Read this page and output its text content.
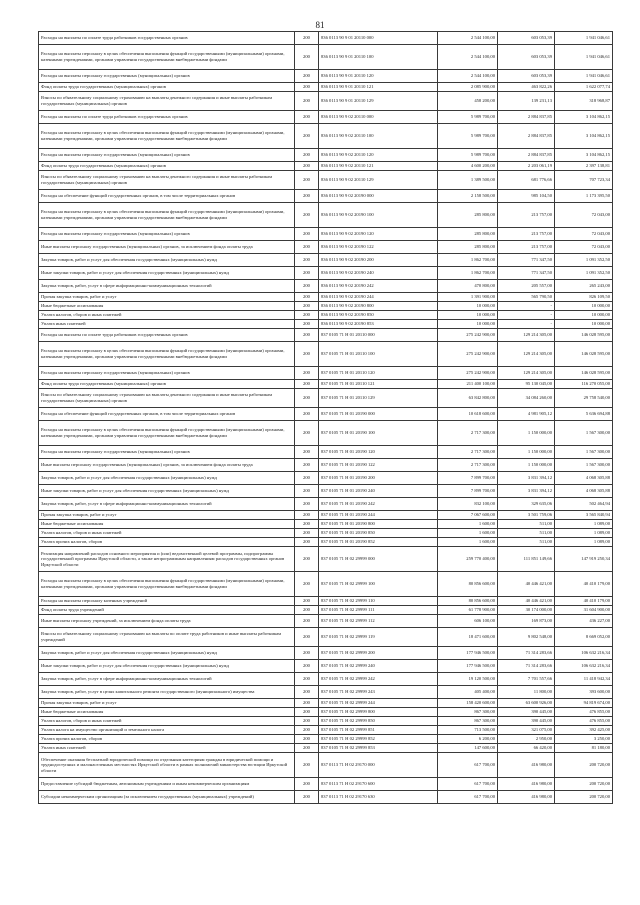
81
Расходы на выплаты по оплате труда работников государственных органов	200	836 0113 90 9 01 20110 000	2 544 100,00	603 053,39	1 941 046,61
Расходы на выплаты персоналу в целях обеспечения выполнения функций государственными (муниципальными) органами, казенными учреждениями, органами управления государственными внебюджетными фондами	200	836 0113 90 9 01 20110 100	2 544 100,00	603 053,39	1 941 046,61
Расходы на выплаты персоналу государственных (муниципальных) органов	200	836 0113 90 9 01 20110 120	2 544 100,00	603 053,39	1 941 046,61
Фонд оплаты труда государственных (муниципальных) органов	200	836 0113 90 9 01 20110 121	2 085 900,00	463 822,26	1 622 077,74
Взносы по обязательному социальному страхованию на выплаты денежного содержания и иные выплаты работникам государственных (муниципальных) органов	200	836 0113 90 9 01 20110 129	458 200,00	139 231,13	318 968,87
Расходы на выплаты по оплате труда работников государственных органов	200	836 0113 90 9 02 20110 000	5 989 700,00	2 884 837,85	3 104 862,15
Расходы на выплаты персоналу в целях обеспечения выполнения функций государственными (муниципальными) органами, казенными учреждениями, органами управления государственными внебюджетными фондами	200	836 0113 90 9 02 20110 100	5 989 700,00	2 884 837,85	3 104 862,15
Расходы на выплаты персоналу государственных (муниципальных) органов	200	836 0113 90 9 02 20110 120	5 989 700,00	2 884 837,85	3 104 862,15
Фонд оплаты труда государственных (муниципальных) органов	200	836 0113 90 9 02 20110 121	4 600 200,00	2 203 061,19	2 397 138,81
Взносы по обязательному социальному страхованию на выплаты денежного содержания и иные выплаты работникам государственных (муниципальных) органов	200	836 0113 90 9 02 20110 129	1 389 500,00	681 776,66	707 723,34
Расходы на обеспечение функций государственных органов, в том числе территориальных органов	200	836 0113 90 9 02 20190 000	2 158 500,00	985 104,50	1 173 395,50
Расходы на выплаты персоналу в целях обеспечения выполнения функций государственными (муниципальными) органами, казенными учреждениями, органами управления государственными внебюджетными фондами	200	836 0113 90 9 02 20190 100	285 800,00	213 757,00	72 043,00
Расходы на выплаты персоналу государственных (муниципальных) органов	200	836 0113 90 9 02 20190 120	285 800,00	213 757,00	72 043,00
Иные выплаты персоналу государственных (муниципальных) органов, за исключением фонда оплаты труда	200	836 0113 90 9 02 20190 122	285 800,00	213 757,00	72 043,00
Закупка товаров, работ и услуг для обеспечения государственных (муниципальных) нужд	200	836 0113 90 9 02 20190 200	1 862 700,00	771 347,50	1 091 352,50
Иные закупки товаров, работ и услуг для обеспечения государственных (муниципальных) нужд	200	836 0113 90 9 02 20190 240	1 862 700,00	771 347,50	1 091 352,50
Закупка товаров, работ, услуг в сфере информационно-коммуникационных технологий	200	836 0113 90 9 02 20190 242	470 800,00	205 557,00	265 243,00
Прочая закупка товаров, работ и услуг	200	836 0113 90 9 02 20190 244	1 391 900,00	565 790,50	826 109,50
Иные бюджетные ассигнования	200	836 0113 90 9 02 20190 800	10 000,00	-	10 000,00
Уплата налогов, сборов и иных платежей	200	836 0113 90 9 02 20190 850	10 000,00	-	10 000,00
Уплата иных платежей	200	836 0113 90 9 02 20190 853	10 000,00	-	10 000,00
Расходы на выплаты по оплате труда работников государственных органов	200	837 0105 71 Н 01 20110 000	275 242 900,00	129 214 305,00	146 028 595,00
Расходы на выплаты персоналу в целях обеспечения выполнения функций государственными (муниципальными) органами, казенными учреждениями, органами управления государственными внебюджетными фондами	200	837 0105 71 Н 01 20110 100	275 242 900,00	129 214 305,00	146 028 595,00
Расходы на выплаты персоналу государственных (муниципальных) органов	200	837 0105 71 Н 01 20110 120	275 242 900,00	129 214 305,00	146 028 595,00
Фонд оплаты труда государственных (муниципальных) органов	200	837 0105 71 Н 01 20110 121	211 400 100,00	95 130 045,00	116 270 055,00
Взносы по обязательному социальному страхованию на выплаты денежного содержания и иные выплаты работникам государственных (муниципальных) органов	200	837 0105 71 Н 01 20110 129	63 842 800,00	34 084 260,00	29 758 540,00
Расходы на обеспечение функций государственных органов, в том числе территориальных органов	200	837 0105 71 Н 01 20190 000	10 618 600,00	4 981 905,12	5 636 694,88
Расходы на выплаты персоналу в целях обеспечения выполнения функций государственными (муниципальными) органами, казенными учреждениями, органами управления государственными внебюджетными фондами	200	837 0105 71 Н 01 20190 100	2 717 300,00	1 150 000,00	1 567 300,00
Расходы на выплаты персоналу государственных (муниципальных) органов	200	837 0105 71 Н 01 20190 120	2 717 300,00	1 150 000,00	1 567 300,00
Иные выплаты персоналу государственных (муниципальных) органов, за исключением фонда оплаты труда	200	837 0105 71 Н 01 20190 122	2 717 300,00	1 150 000,00	1 567 300,00
Закупка товаров, работ и услуг для обеспечения государственных (муниципальных) нужд	200	837 0105 71 Н 01 20190 200	7 899 700,00	3 831 394,12	4 068 305,88
Иные закупки товаров, работ и услуг для обеспечения государственных (муниципальных) нужд	200	837 0105 71 Н 01 20190 240	7 899 700,00	3 831 394,12	4 068 305,88
Закупка товаров, работ, услуг в сфере информационно-коммуникационных технологий	200	837 0105 71 Н 01 20190 242	832 100,00	329 635,06	502 464,94
Прочая закупка товаров, работ и услуг	200	837 0105 71 Н 01 20190 244	7 067 600,00	3 501 759,06	3 565 840,94
Иные бюджетные ассигнования	200	837 0105 71 Н 01 20190 800	1 600,00	511,00	1 089,00
Уплата налогов, сборов и иных платежей	200	837 0105 71 Н 01 20190 850	1 600,00	511,00	1 089,00
Уплата прочих налогов, сборов	200	837 0105 71 Н 01 20190 852	1 600,00	511,00	1 089,00
Реализация направлений расходов основного мероприятия и (или) ведомственной целевой программы, подпрограммы государственной программы Иркутской области, а также непрограммным направлениям расходов государственных органов Иркутской области	200	837 0105 71 Н 02 29999 000	259 770 400,00	111 851 149,66	147 919 250,34
Расходы на выплаты персоналу в целях обеспечения выполнения функций государственными (муниципальными) органами, казенными учреждениями, органами управления государственными внебюджетными фондами	200	837 0105 71 Н 02 29999 100	80 856 600,00	40 446 421,00	40 410 179,00
Расходы на выплаты персоналу казенных учреждений	200	837 0105 71 Н 02 29999 110	80 856 600,00	40 446 421,00	40 410 179,00
Фонд оплаты труда учреждений	200	837 0105 71 Н 02 29999 111	61 778 900,00	30 174 000,00	31 604 900,00
Иные выплаты персоналу учреждений, за исключением фонда оплаты труда	200	837 0105 71 Н 02 29999 112	606 100,00	169 873,00	436 227,00
Взносы по обязательному социальному страхованию на выплаты по оплате труда работников и иные выплаты работникам учреждений	200	837 0105 71 Н 02 29999 119	18 471 600,00	9 802 548,00	8 669 052,00
Закупка товаров, работ и услуг для обеспечения государственных (муниципальных) нужд	200	837 0105 71 Н 02 29999 200	177 946 500,00	71 314 283,66	106 632 216,34
Иные закупки товаров, работ и услуг для обеспечения государственных (муниципальных) нужд	200	837 0105 71 Н 02 29999 240	177 946 500,00	71 314 283,66	106 632 216,34
Закупка товаров, работ, услуг в сфере информационно-коммуникационных технологий	200	837 0105 71 Н 02 29999 242	19 120 500,00	7 701 557,66	11 418 942,34
Закупка товаров, работ, услуг в целях капитального ремонта государственного (муниципального) имущества	200	837 0105 71 Н 02 29999 243	405 400,00	11 800,00	393 600,00
Прочая закупка товаров, работ и услуг	200	837 0105 71 Н 02 29999 244	158 420 600,00	63 600 926,00	94 819 674,00
Иные бюджетные ассигнования	200	837 0105 71 Н 02 29999 800	867 300,00	390 445,00	476 855,00
Уплата налогов, сборов и иных платежей	200	837 0105 71 Н 02 29999 850	867 300,00	390 445,00	476 855,00
Уплата налога на имущество организаций и земельного налога	200	837 0105 71 Н 02 29999 851	713 500,00	321 075,00	392 425,00
Уплата прочих налогов, сборов	200	837 0105 71 Н 02 29999 852	6 200,00	2 950,00	3 250,00
Уплата иных платежей	200	837 0105 71 Н 02 29999 853	147 600,00	66 420,00	81 180,00
Обеспечение оказания бесплатной юридической помощи по отдельным категориям граждан в юридической помощи и труднодоступных и малонаселенных местностях Иркутской области в рамках полномочий министерства юстиции Иркутской области	200	837 0113 71 Н 02 29170 000	617 700,00	416 980,00	200 720,00
Предоставление субсидий бюджетным, автономным учреждениям и иным некоммерческим организациям	200	837 0113 71 Н 02 29170 600	617 700,00	416 980,00	200 720,00
Субсидии некоммерческим организациям (за исключением государственных (муниципальных) учреждений)	200	837 0113 71 Н 02 29170 630	617 700,00	416 980,00	200 720,00
